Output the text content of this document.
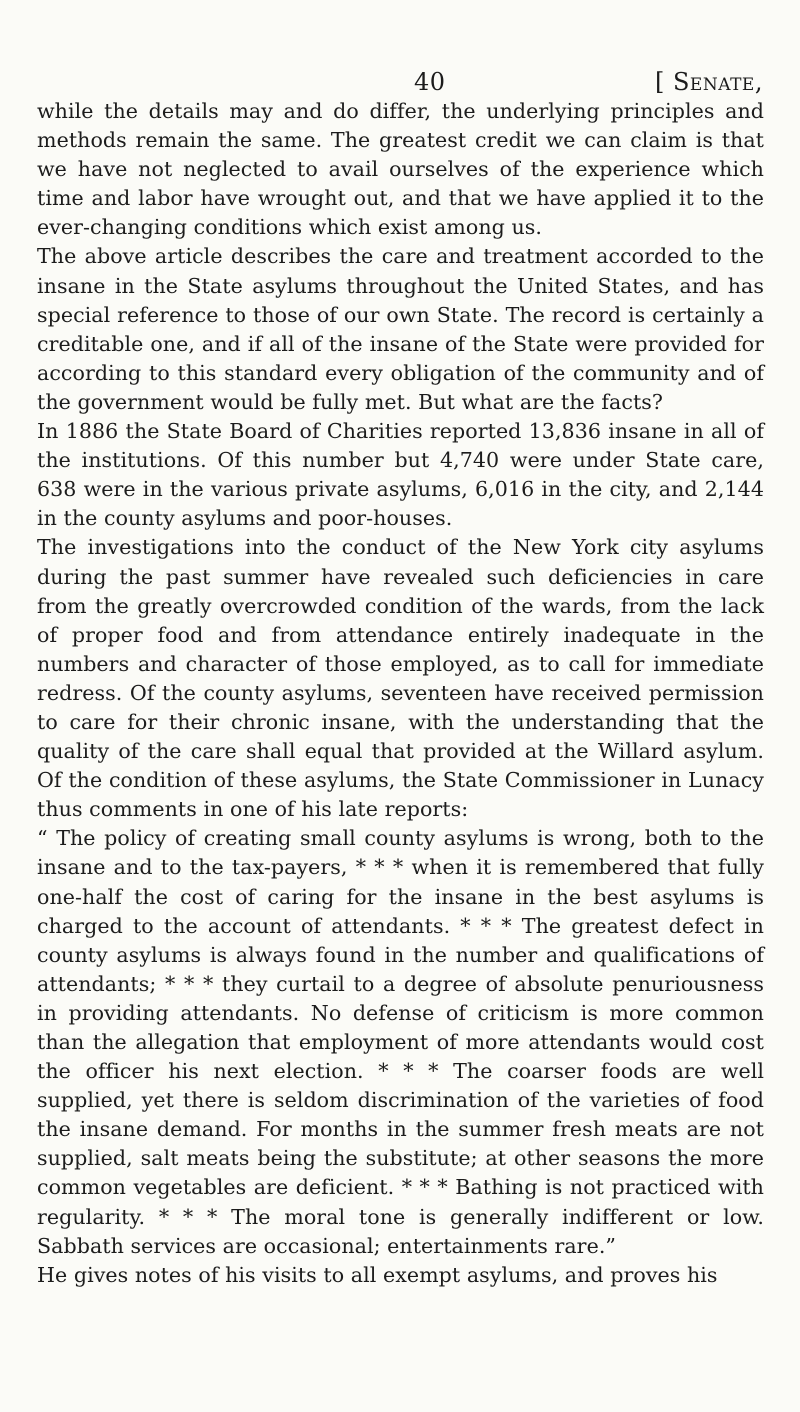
40	[ Senate,

while the details may and do differ, the underlying principles and methods remain the same. The greatest credit we can claim is that we have not neglected to avail ourselves of the experience which time and labor have wrought out, and that we have applied it to the ever-changing conditions which exist among us.

The above article describes the care and treatment accorded to the insane in the State asylums throughout the United States, and has special reference to those of our own State. The record is certainly a creditable one, and if all of the insane of the State were provided for according to this standard every obligation of the community and of the government would be fully met. But what are the facts?

In 1886 the State Board of Charities reported 13,836 insane in all of the institutions. Of this number but 4,740 were under State care, 638 were in the various private asylums, 6,016 in the city, and 2,144 in the county asylums and poor-houses.

The investigations into the conduct of the New York city asylums during the past summer have revealed such deficiencies in care from the greatly overcrowded condition of the wards, from the lack of proper food and from attendance entirely inadequate in the numbers and character of those employed, as to call for immediate redress. Of the county asylums, seventeen have received permission to care for their chronic insane, with the understanding that the quality of the care shall equal that provided at the Willard asylum. Of the condition of these asylums, the State Commissioner in Lunacy thus comments in one of his late reports:

“ The policy of creating small county asylums is wrong, both to the insane and to the tax-payers, * * * when it is remembered that fully one-half the cost of caring for the insane in the best asylums is charged to the account of attendants. * * * The greatest defect in county asylums is always found in the number and qualifications of attendants; * * * they curtail to a degree of absolute penuriousness in providing attendants. No defense of criticism is more common than the allegation that employment of more attendants would cost the officer his next election. * * * The coarser foods are well supplied, yet there is seldom discrimination of the varieties of food the insane demand. For months in the summer fresh meats are not supplied, salt meats being the substitute; at other seasons the more common vegetables are deficient. * * * Bathing is not practiced with regularity. * * * The moral tone is generally indifferent or low. Sabbath services are occasional; entertainments rare.”

He gives notes of his visits to all exempt asylums, and proves his
